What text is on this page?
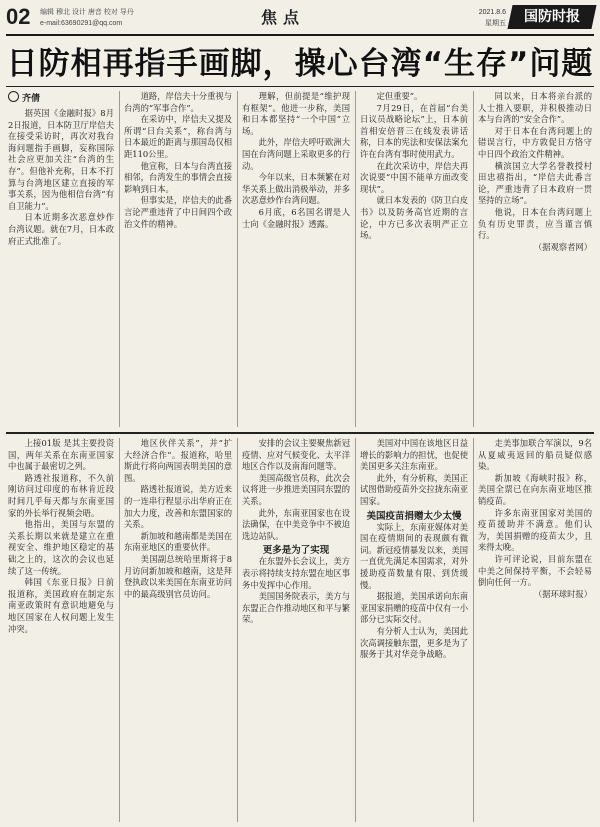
02 编辑 穆北 设计 唐音 校对 导丹
e-mail:63690291@qq.com	焦点	2021.8.6
星期五	国防时报
日防相再指手画脚，操心台湾“生存”问题
齐倩

据英国《金融时报》8月2日报道，日本防卫厅岸信夫在接受采访时，再次对我台海问题指手画脚，妄称国际社会应更加关注“台湾的生存”。但他补充称，日本不打算与台湾地区建立直接的军事关系，因为他相信台湾“有自卫能力”。

日本近期多次恶意炒作台湾议题。就在7月，日本政府正式批准了。

道路，岸信夫十分重视与台湾的“军事合作”。

在采访中，岸信夫又提及所谓“日台关系”，称台湾与日本最近的距离与那国岛仅相距110公里。

他宣称，日本与台湾直接相邻，台湾发生的事情会直接影响到日本。

但事实是，岸信夫的此番言论严重违背了中日间四个政治文件的精神。

理解，但前提是“维护现有框架”。他进一步称，美国和日本都坚持“一个中国”立场。

此外，岸信夫呼吁欧洲大国在台湾问题上采取更多的行动。

今年以来，日本频繁在对华关系上做出消极举动，并多次恶意炒作台湾问题。

6月底，6名国名谓是人士向《金融时报》透露。

定但重要”。

7月29日，在首届“台美日议员战略论坛”上，日本前首相安倍晋三在线发表讲话称，日本的宪法和安保法案允许在台湾有事时使用武力。

在此次采访中，岸信夫再次说要“中国不能单方面改变现状”。

就日本发表的《防卫白皮书》以及防务高官近期的言论，中方已多次表明严正立场。

同以来，日本将亲台派的人士推入要职，并积极推动日本与台湾的“安全合作”。

对于日本在台湾问题上的错误言行，中方敦促日方恪守中日四个政治文件精神。

横滨国立大学名誉教授村田忠禧指出，“岸信夫此番言论，严重违背了日本政府一贯坚持的立场”。

他说，日本在台湾问题上负有历史罪责，应当谨言慎行。

（据观察者网）

上接01版 是其主要投资国，两年关系在东南亚国家中也属于最密切之列。

路透社报道称，不久前刚访问过印度的布林肯近段时间几乎每天都与东南亚国家的外长举行视频会晤。

他指出，美国与东盟的关系长期以来就是建立在重视安全、维护地区稳定的基础之上的，这次的会议也延续了这一传统。

韩国《东亚日报》日前报道称，美国政府在制定东南亚政策时有意识地避免与地区国家在人权问题上发生冲突。

地区伙伴关系”，并“扩大经济合作”。报道称，哈里斯此行将向两国表明美国的意图。

路透社报道说，美方近来的一连串行程显示出华府正在加大力度，改善和东盟国家的关系。

新加坡和越南都是美国在东南亚地区的重要伙伴。

美国副总统哈里斯将于8月访问新加坡和越南，这是拜登执政以来美国在东南亚访问中的最高级别官员访问。

安排的会议主要聚焦新冠疫情、应对气候变化、太平洋地区合作以及南海问题等。

美国高级官员称，此次会议将进一步推进美国同东盟的关系。

此外，东南亚国家也在设法确保，在中美竞争中不被迫选边站队。

更多是为了实现

在东盟外长会议上，美方表示将持续支持东盟在地区事务中发挥中心作用。

美国国务院表示，美方与东盟正合作推动地区和平与繁荣。

美国对中国在该地区日益增长的影响力的担忧，也促使美国更多关注东南亚。

此外，有分析称，美国正试图借助疫苗外交拉拢东南亚国家。

美国疫苗捐赠太少太慢

实际上，东南亚媒体对美国在疫情期间的表现颇有微词。新冠疫情暴发以来，美国一直优先满足本国需求，对外援助疫苗数量有限、到货缓慢。

据报道，美国承诺向东南亚国家捐赠的疫苗中仅有一小部分已实际交付。

有分析人士认为，美国此次高调接触东盟，更多是为了服务于其对华竞争战略。

走美事加联合军演以，9名从夏威夷返回的船员疑似感染。

新加坡《海峡时报》称，美国全票已在向东南亚地区推销疫苗。

许多东南亚国家对美国的疫苗援助并不满意。他们认为，美国捐赠的疫苗太少，且来得太晚。

许可评论说，目前东盟在中美之间保持平衡，不会轻易倒向任何一方。

（据环球时报）
